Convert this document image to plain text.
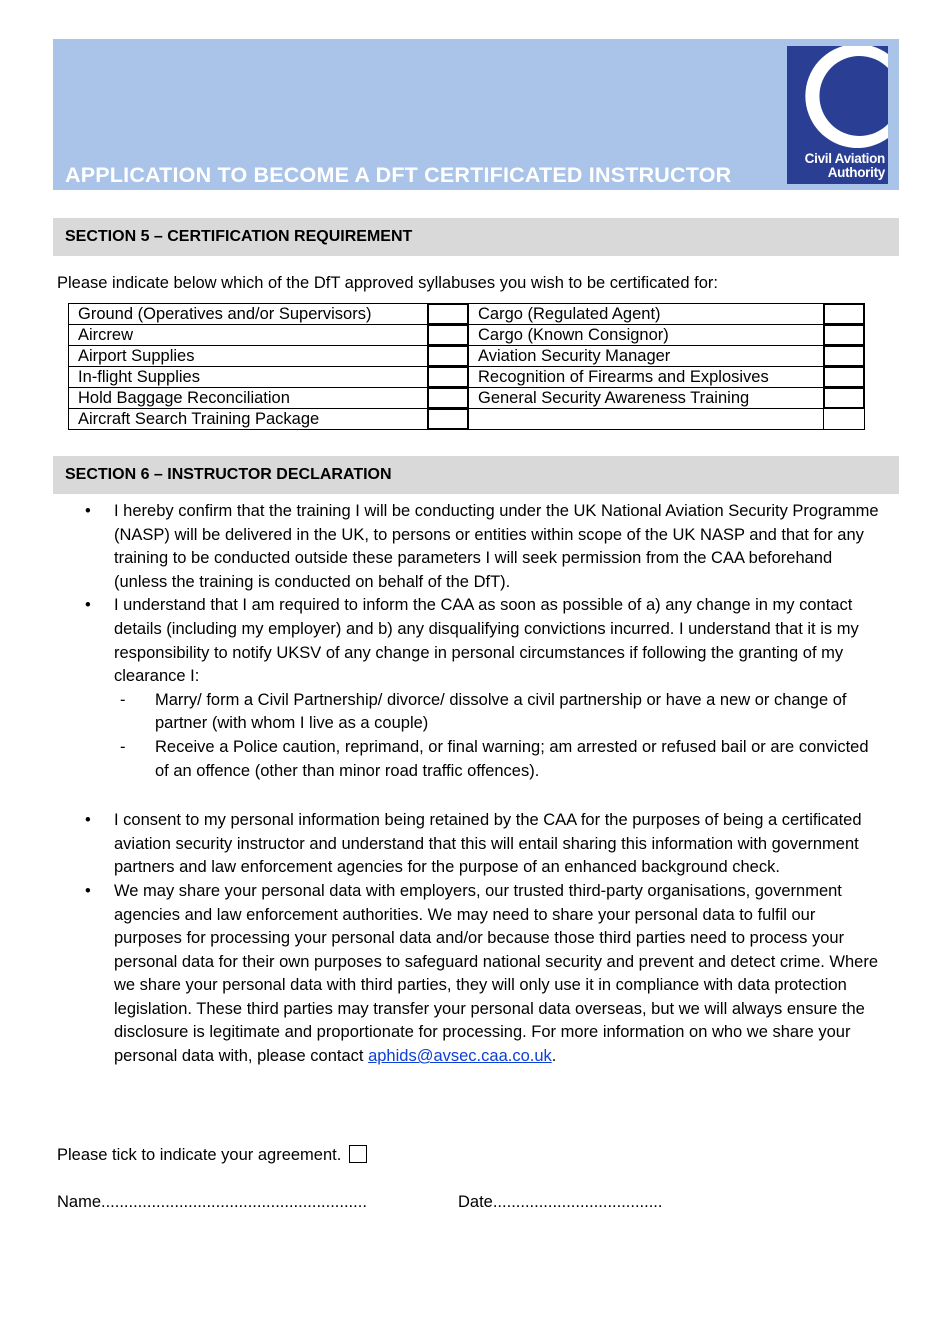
APPLICATION TO BECOME A DFT CERTIFICATED INSTRUCTOR
Civil Aviation
Authority
SECTION 5 – CERTIFICATION REQUIREMENT
Please indicate below which of the DfT approved syllabuses you wish to be certificated for:
Ground (Operatives and/or Supervisors)		Cargo (Regulated Agent)	

Aircrew		Cargo (Known Consignor)	

Airport Supplies		Aviation Security Manager	

In-flight Supplies		Recognition of Firearms and Explosives	

Hold Baggage Reconciliation		General Security Awareness Training	

Aircraft Search Training Package	

SECTION 6 – INSTRUCTOR DECLARATION
• I hereby confirm that the training I will be conducting under the UK National Aviation Security Programme (NASP) will be delivered in the UK, to persons or entities within scope of the UK NASP and that for any training to be conducted outside these parameters I will seek permission from the CAA beforehand (unless the training is conducted on behalf of the DfT).
• I understand that I am required to inform the CAA as soon as possible of a) any change in my contact details (including my employer) and b) any disqualifying convictions incurred. I understand that it is my responsibility to notify UKSV of any change in personal circumstances if following the granting of my clearance I:
- Marry/ form a Civil Partnership/ divorce/ dissolve a civil partnership or have a new or change of partner (with whom I live as a couple)
- Receive a Police caution, reprimand, or final warning; am arrested or refused bail or are convicted of an offence (other than minor road traffic offences).
• I consent to my personal information being retained by the CAA for the purposes of being a certificated aviation security instructor and understand that this will entail sharing this information with government partners and law enforcement agencies for the purpose of an enhanced background check.
• We may share your personal data with employers, our trusted third-party organisations, government agencies and law enforcement authorities. We may need to share your personal data to fulfil our purposes for processing your personal data and/or because those third parties need to process your personal data for their own purposes to safeguard national security and prevent and detect crime. Where we share your personal data with third parties, they will only use it in compliance with data protection legislation. These third parties may transfer your personal data overseas, but we will always ensure the disclosure is legitimate and proportionate for processing. For more information on who we share your personal data with, please contact aphids@avsec.caa.co.uk.
Please tick to indicate your agreement.
Name..........................................................	Date.....................................
